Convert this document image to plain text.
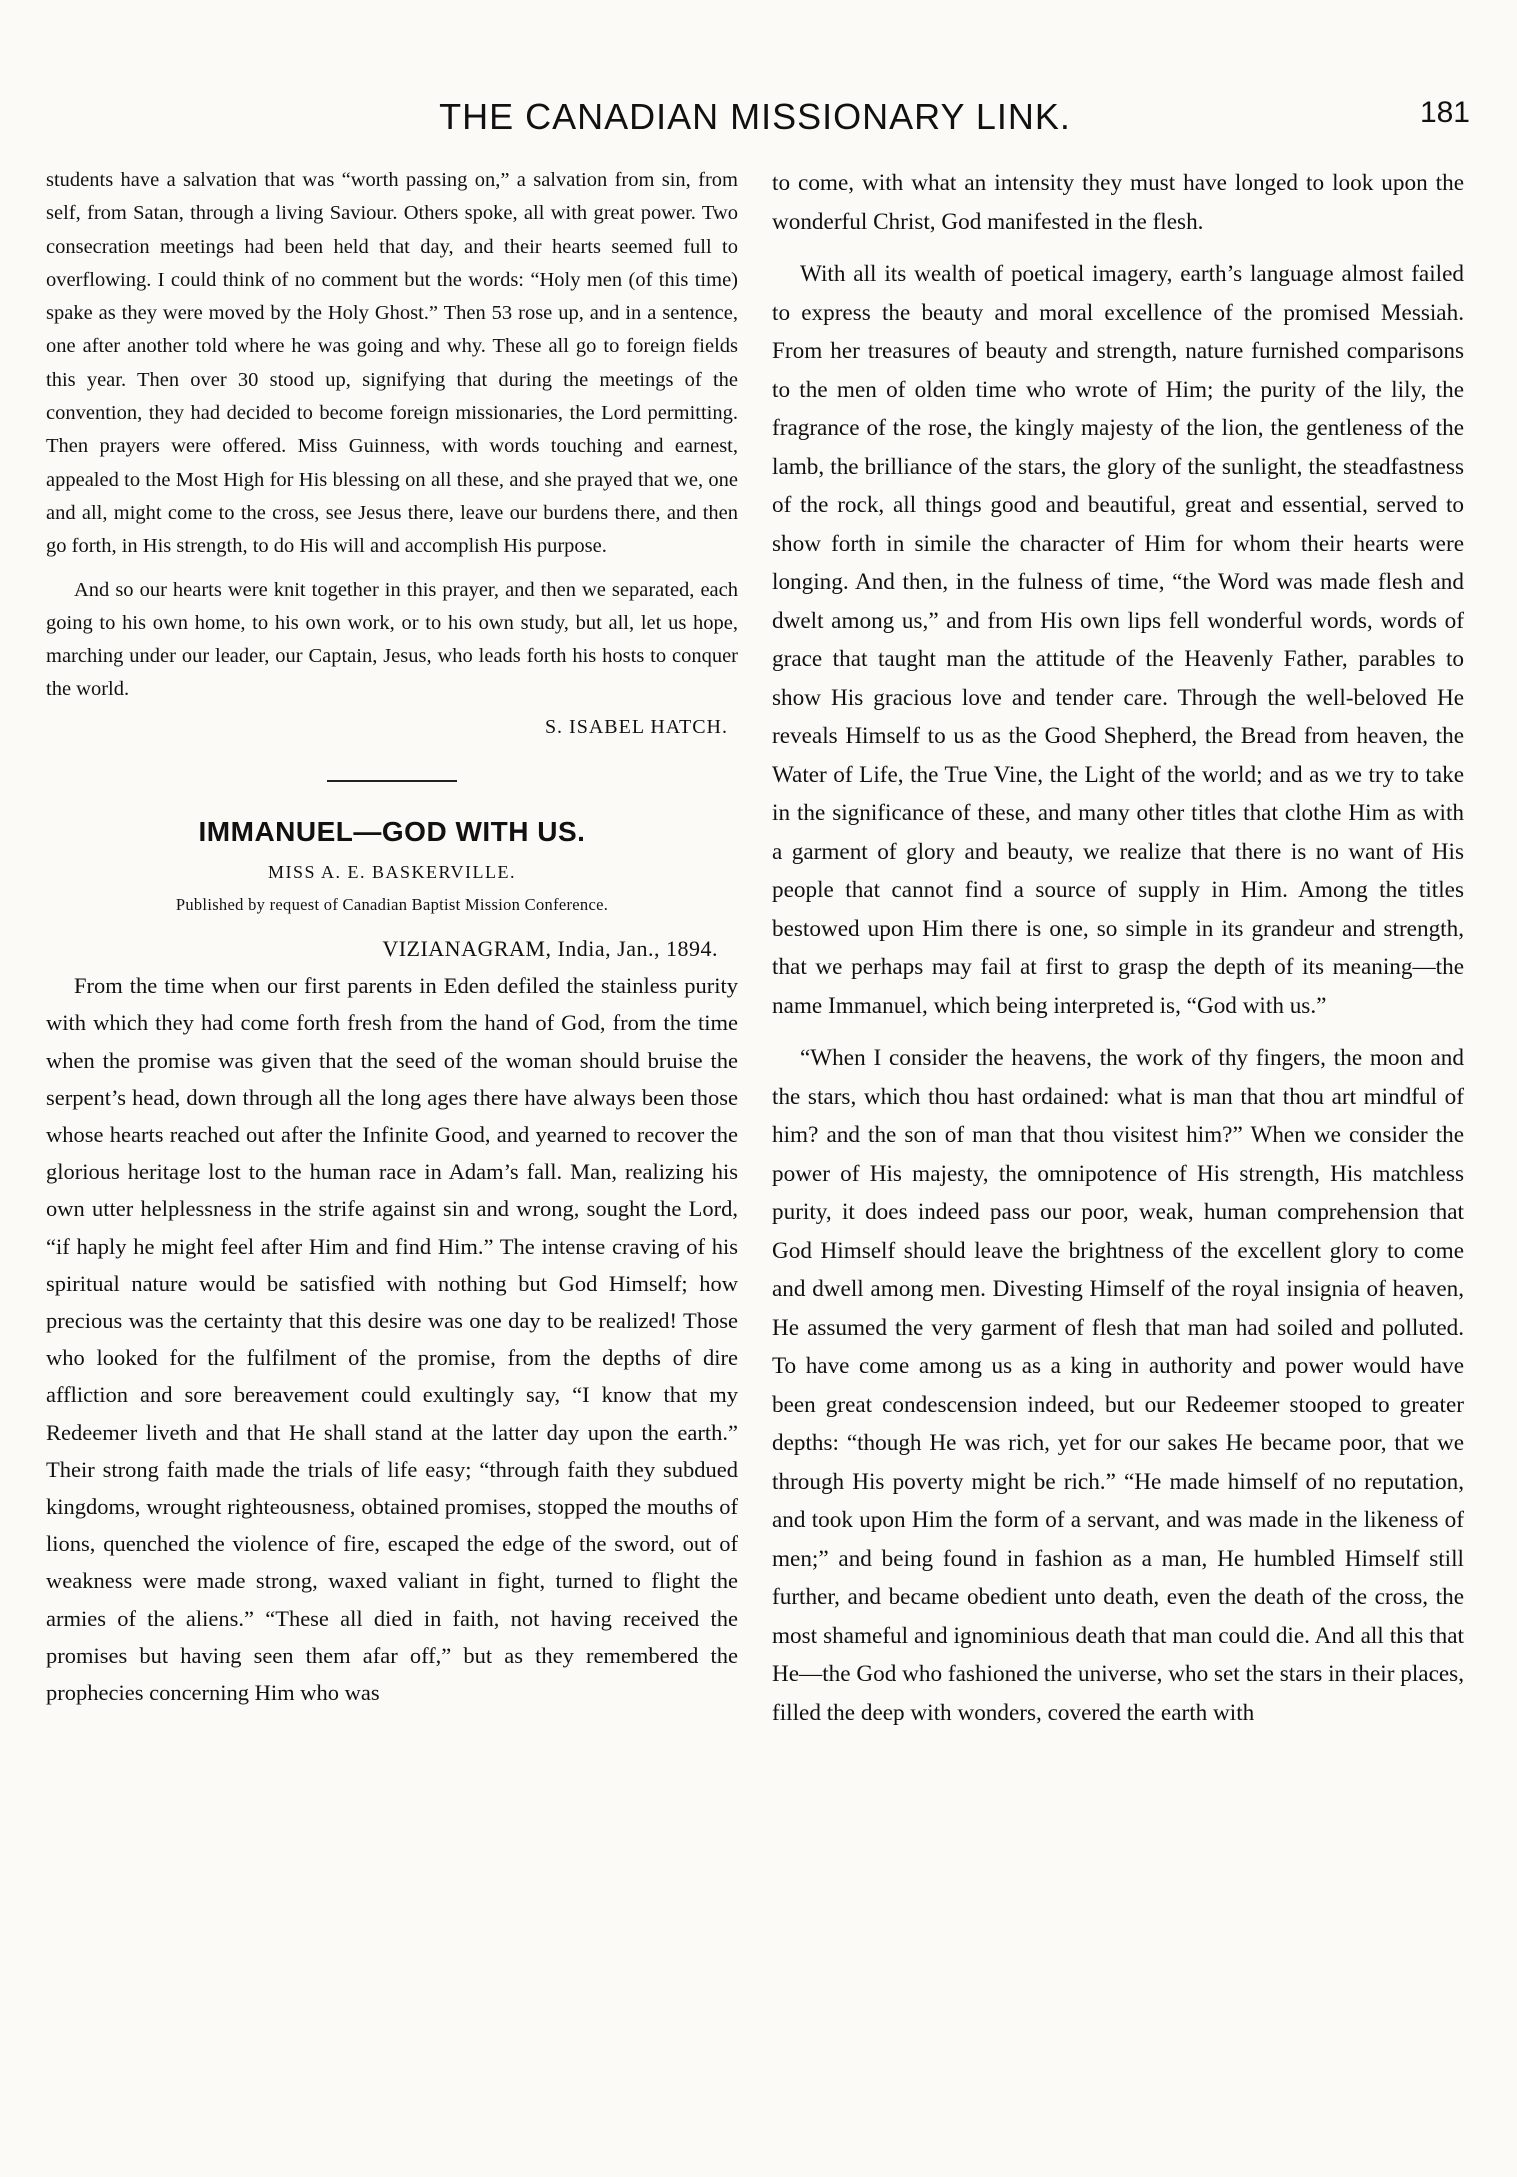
THE CANADIAN MISSIONARY LINK.	181

students have a salvation that was “worth passing on,” a salvation from sin, from self, from Satan, through a living Saviour. Others spoke, all with great power. Two consecration meetings had been held that day, and their hearts seemed full to overflowing. I could think of no comment but the words: “Holy men (of this time) spake as they were moved by the Holy Ghost.” Then 53 rose up, and in a sentence, one after another told where he was going and why. These all go to foreign fields this year. Then over 30 stood up, signifying that during the meetings of the convention, they had decided to become foreign missionaries, the Lord permitting. Then prayers were offered. Miss Guinness, with words touching and earnest, appealed to the Most High for His blessing on all these, and she prayed that we, one and all, might come to the cross, see Jesus there, leave our burdens there, and then go forth, in His strength, to do His will and accomplish His purpose.

And so our hearts were knit together in this prayer, and then we separated, each going to his own home, to his own work, or to his own study, but all, let us hope, marching under our leader, our Captain, Jesus, who leads forth his hosts to conquer the world.

S. ISABEL HATCH.

IMMANUEL—GOD WITH US.

MISS A. E. BASKERVILLE.

Published by request of Canadian Baptist Mission Conference.

VIZIANAGRAM, India, Jan., 1894.

From the time when our first parents in Eden defiled the stainless purity with which they had come forth fresh from the hand of God, from the time when the promise was given that the seed of the woman should bruise the serpent’s head, down through all the long ages there have always been those whose hearts reached out after the Infinite Good, and yearned to recover the glorious heritage lost to the human race in Adam’s fall. Man, realizing his own utter helplessness in the strife against sin and wrong, sought the Lord, “if haply he might feel after Him and find Him.” The intense craving of his spiritual nature would be satisfied with nothing but God Himself; how precious was the certainty that this desire was one day to be realized! Those who looked for the fulfilment of the promise, from the depths of dire affliction and sore bereavement could exultingly say, “I know that my Redeemer liveth and that He shall stand at the latter day upon the earth.” Their strong faith made the trials of life easy; “through faith they subdued kingdoms, wrought righteousness, obtained promises, stopped the mouths of lions, quenched the violence of fire, escaped the edge of the sword, out of weakness were made strong, waxed valiant in fight, turned to flight the armies of the aliens.” “These all died in faith, not having received the promises but having seen them afar off,” but as they remembered the prophecies concerning Him who was

to come, with what an intensity they must have longed to look upon the wonderful Christ, God manifested in the flesh.

With all its wealth of poetical imagery, earth’s language almost failed to express the beauty and moral excellence of the promised Messiah. From her treasures of beauty and strength, nature furnished comparisons to the men of olden time who wrote of Him; the purity of the lily, the fragrance of the rose, the kingly majesty of the lion, the gentleness of the lamb, the brilliance of the stars, the glory of the sunlight, the steadfastness of the rock, all things good and beautiful, great and essential, served to show forth in simile the character of Him for whom their hearts were longing. And then, in the fulness of time, “the Word was made flesh and dwelt among us,” and from His own lips fell wonderful words, words of grace that taught man the attitude of the Heavenly Father, parables to show His gracious love and tender care. Through the well-beloved He reveals Himself to us as the Good Shepherd, the Bread from heaven, the Water of Life, the True Vine, the Light of the world; and as we try to take in the significance of these, and many other titles that clothe Him as with a garment of glory and beauty, we realize that there is no want of His people that cannot find a source of supply in Him. Among the titles bestowed upon Him there is one, so simple in its grandeur and strength, that we perhaps may fail at first to grasp the depth of its meaning—the name Immanuel, which being interpreted is, “God with us.”

“When I consider the heavens, the work of thy fingers, the moon and the stars, which thou hast ordained: what is man that thou art mindful of him? and the son of man that thou visitest him?” When we consider the power of His majesty, the omnipotence of His strength, His matchless purity, it does indeed pass our poor, weak, human comprehension that God Himself should leave the brightness of the excellent glory to come and dwell among men. Divesting Himself of the royal insignia of heaven, He assumed the very garment of flesh that man had soiled and polluted. To have come among us as a king in authority and power would have been great condescension indeed, but our Redeemer stooped to greater depths: “though He was rich, yet for our sakes He became poor, that we through His poverty might be rich.” “He made himself of no reputation, and took upon Him the form of a servant, and was made in the likeness of men;” and being found in fashion as a man, He humbled Himself still further, and became obedient unto death, even the death of the cross, the most shameful and ignominious death that man could die. And all this that He—the God who fashioned the universe, who set the stars in their places, filled the deep with wonders, covered the earth with
